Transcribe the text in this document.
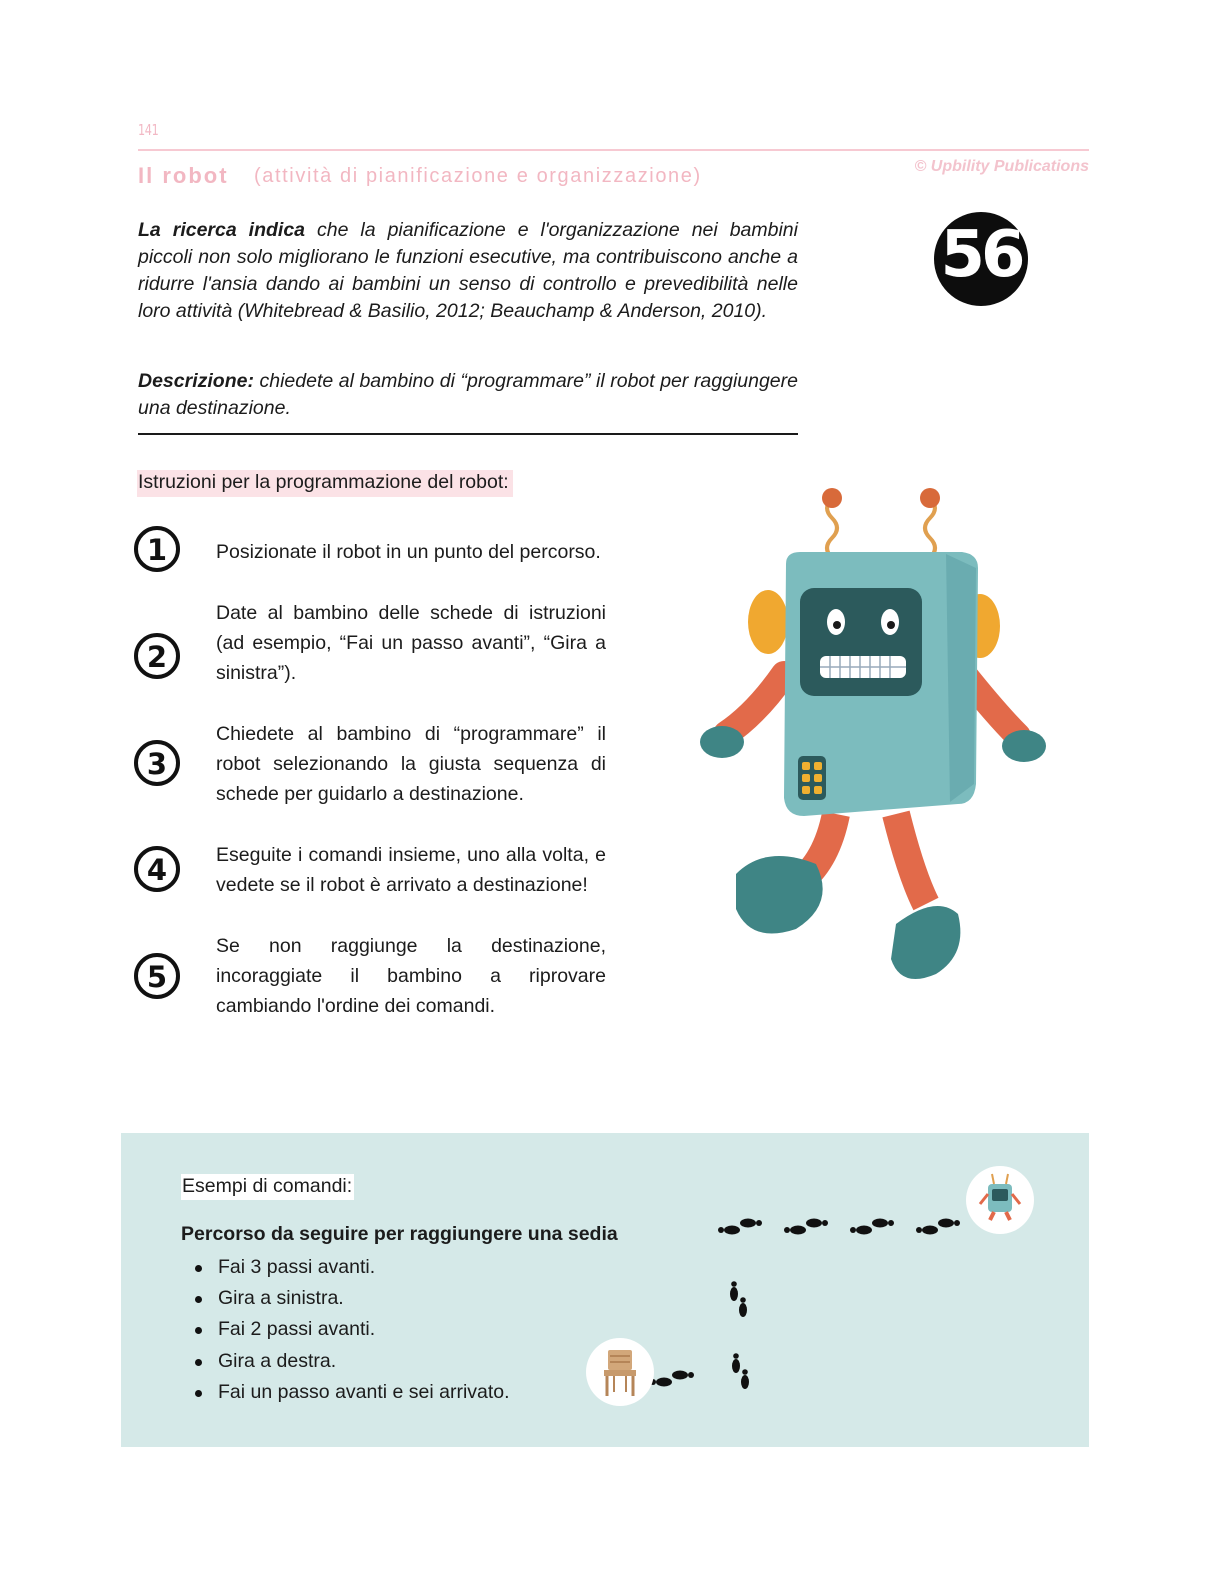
141
Il robot (attività di pianificazione e organizzazione)	© Upbility Publications
56
La ricerca indica che la pianificazione e l'organizzazione nei bambini piccoli non solo migliorano le funzioni esecutive, ma contribuiscono anche a ridurre l'ansia dando ai bambini un senso di controllo e prevedibilità nelle loro attività (Whitebread & Basilio, 2012; Beauchamp & Anderson, 2010).
Descrizione: chiedete al bambino di “programmare” il robot per raggiungere una destinazione.
Istruzioni per la programmazione del robot:
1	Posizionate il robot in un punto del percorso.
2
Date al bambino delle schede di istruzioni (ad esempio, “Fai un passo avanti”, “Gira a sinistra”).
3
Chiedete al bambino di “programmare” il robot selezionando la giusta sequenza di schede per guidarlo a destinazione.
4	Eseguite i comandi insieme, uno alla volta, e vedete se il robot è arrivato a destinazione!
5
Se non raggiunge la destinazione, incoraggiate il bambino a riprovare cambiando l'ordine dei comandi.
Esempi di comandi:
Percorso da seguire per raggiungere una sedia
Fai 3 passi avanti.
Gira a sinistra.
Fai 2 passi avanti.
Gira a destra.
Fai un passo avanti e sei arrivato.
